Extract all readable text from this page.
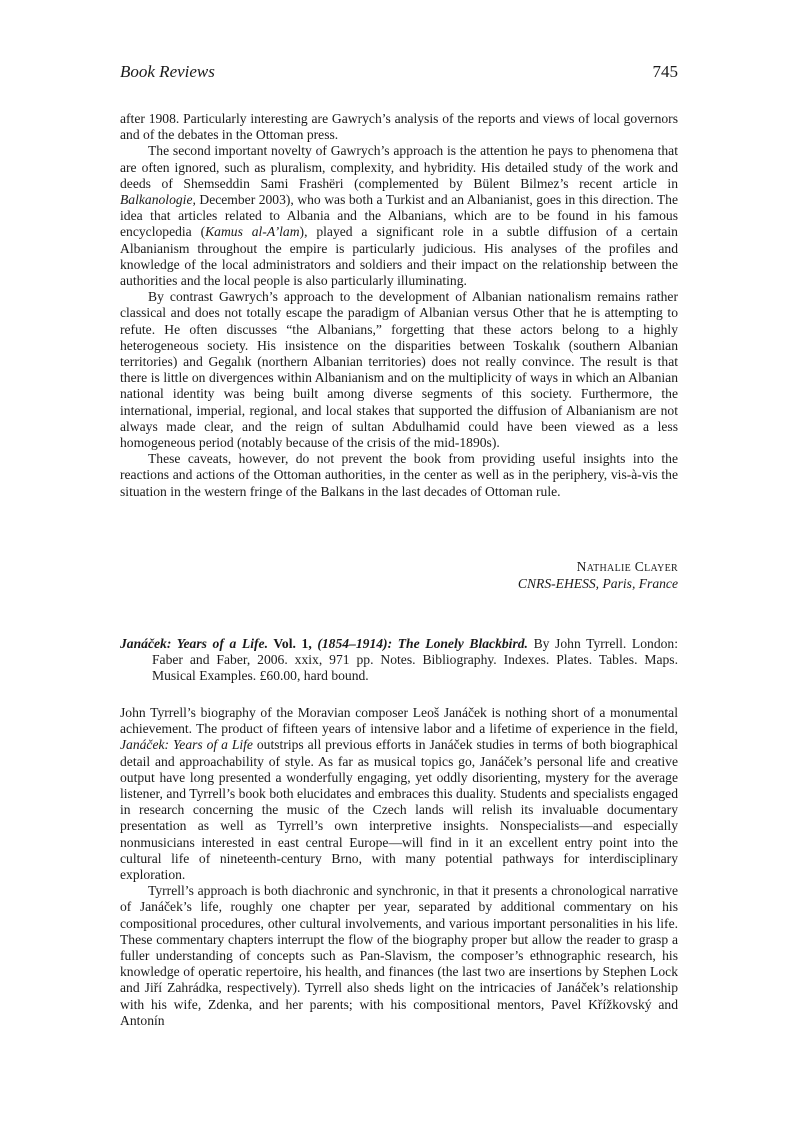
Book Reviews	745

after 1908. Particularly interesting are Gawrych’s analysis of the reports and views of local governors and of the debates in the Ottoman press.

The second important novelty of Gawrych’s approach is the attention he pays to phenomena that are often ignored, such as pluralism, complexity, and hybridity. His detailed study of the work and deeds of Shemseddin Sami Frashëri (complemented by Bülent Bilmez’s recent article in Balkanologie, December 2003), who was both a Turkist and an Albanianist, goes in this direction. The idea that articles related to Albania and the Albanians, which are to be found in his famous encyclopedia (Kamus al-A’lam), played a significant role in a subtle diffusion of a certain Albanianism throughout the empire is particularly judicious. His analyses of the profiles and knowledge of the local administrators and soldiers and their impact on the relationship between the authorities and the local people is also particularly illuminating.

By contrast Gawrych’s approach to the development of Albanian nationalism remains rather classical and does not totally escape the paradigm of Albanian versus Other that he is attempting to refute. He often discusses “the Albanians,” forgetting that these actors belong to a highly heterogeneous society. His insistence on the disparities between Toskalık (southern Albanian territories) and Gegalık (northern Albanian territories) does not really convince. The result is that there is little on divergences within Albanianism and on the multiplicity of ways in which an Albanian national identity was being built among diverse segments of this society. Furthermore, the international, imperial, regional, and local stakes that supported the diffusion of Albanianism are not always made clear, and the reign of sultan Abdulhamid could have been viewed as a less homogeneous period (notably because of the crisis of the mid-1890s).

These caveats, however, do not prevent the book from providing useful insights into the reactions and actions of the Ottoman authorities, in the center as well as in the periphery, vis-à-vis the situation in the western fringe of the Balkans in the last decades of Ottoman rule.

Nathalie Clayer
CNRS-EHESS, Paris, France
Janáček: Years of a Life. Vol. 1, (1854–1914): The Lonely Blackbird. By John Tyrrell. London: Faber and Faber, 2006. xxix, 971 pp. Notes. Bibliography. Indexes. Plates. Tables. Maps. Musical Examples. £60.00, hard bound.

John Tyrrell’s biography of the Moravian composer Leoš Janáček is nothing short of a monumental achievement. The product of fifteen years of intensive labor and a lifetime of experience in the field, Janáček: Years of a Life outstrips all previous efforts in Janáček studies in terms of both biographical detail and approachability of style. As far as musical topics go, Janáček’s personal life and creative output have long presented a wonderfully engaging, yet oddly disorienting, mystery for the average listener, and Tyrrell’s book both elucidates and embraces this duality. Students and specialists engaged in research concerning the music of the Czech lands will relish its invaluable documentary presentation as well as Tyrrell’s own interpretive insights. Nonspecialists—and especially nonmusicians interested in east central Europe—will find in it an excellent entry point into the cultural life of nineteenth-century Brno, with many potential pathways for interdisciplinary exploration.

Tyrrell’s approach is both diachronic and synchronic, in that it presents a chronological narrative of Janáček’s life, roughly one chapter per year, separated by additional commentary on his compositional procedures, other cultural involvements, and various important personalities in his life. These commentary chapters interrupt the flow of the biography proper but allow the reader to grasp a fuller understanding of concepts such as Pan-Slavism, the composer’s ethnographic research, his knowledge of operatic repertoire, his health, and finances (the last two are insertions by Stephen Lock and Jiří Zahrádka, respectively). Tyrrell also sheds light on the intricacies of Janáček’s relationship with his wife, Zdenka, and her parents; with his compositional mentors, Pavel Křížkovský and Antonín
